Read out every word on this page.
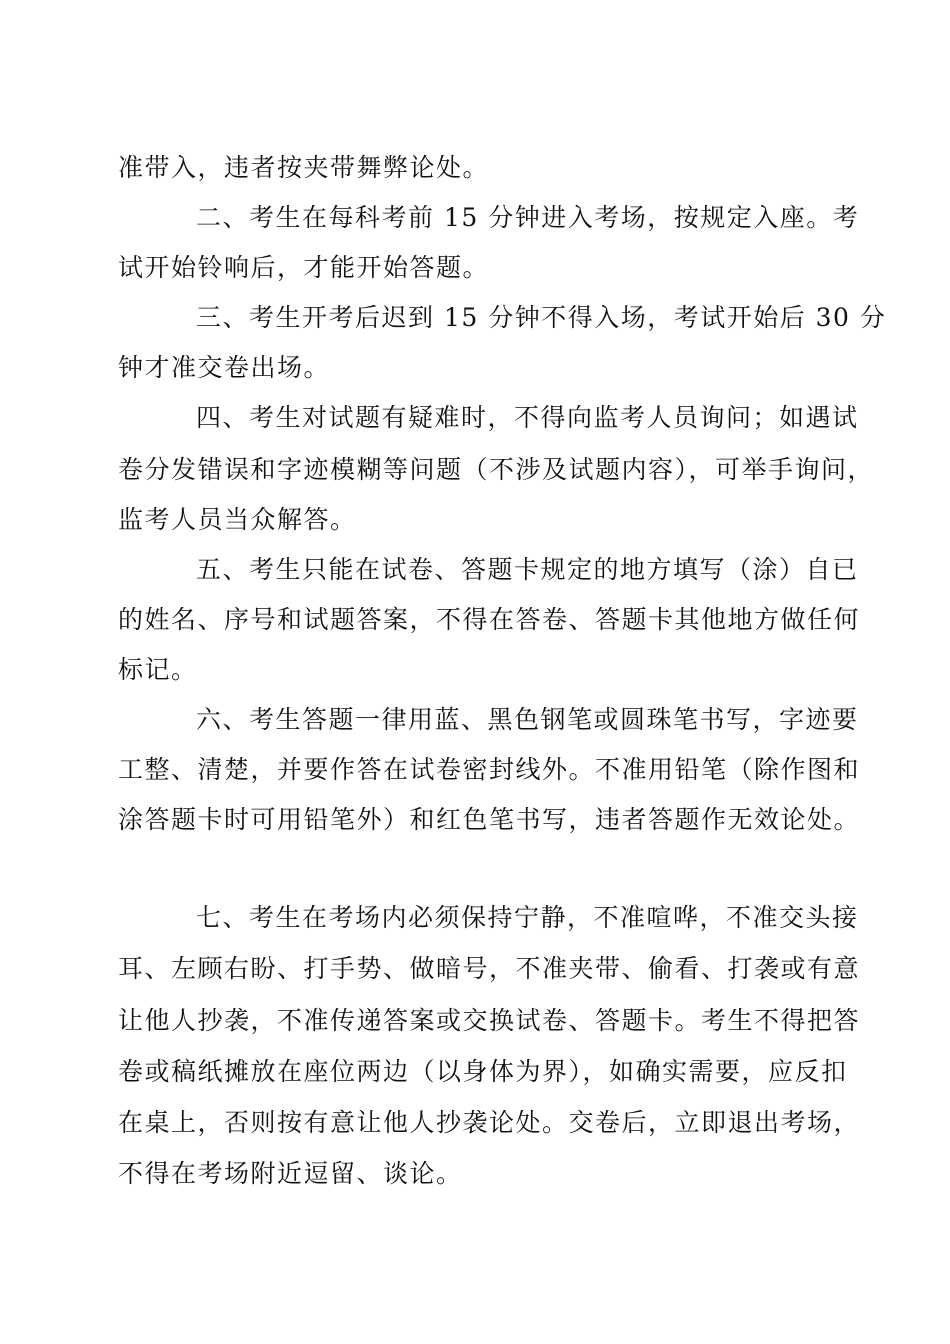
准带入，违者按夹带舞弊论处。
二、考生在每科考前 15 分钟进入考场，按规定入座。考
试开始铃响后，才能开始答题。
三、考生开考后迟到 15 分钟不得入场，考试开始后 30 分
钟才准交卷出场。
四、考生对试题有疑难时，不得向监考人员询问；如遇试
卷分发错误和字迹模糊等问题（不涉及试题内容），可举手询问，
监考人员当众解答。
五、考生只能在试卷、答题卡规定的地方填写（涂）自已
的姓名、序号和试题答案，不得在答卷、答题卡其他地方做任何
标记。
六、考生答题一律用蓝、黑色钢笔或圆珠笔书写，字迹要
工整、清楚，并要作答在试卷密封线外。不准用铅笔（除作图和
涂答题卡时可用铅笔外）和红色笔书写，违者答题作无效论处。
七、考生在考场内必须保持宁静，不准喧哗，不准交头接
耳、左顾右盼、打手势、做暗号，不准夹带、偷看、打袭或有意
让他人抄袭，不准传递答案或交换试卷、答题卡。考生不得把答
卷或稿纸摊放在座位两边（以身体为界），如确实需要，应反扣
在桌上，否则按有意让他人抄袭论处。交卷后，立即退出考场，
不得在考场附近逗留、谈论。
